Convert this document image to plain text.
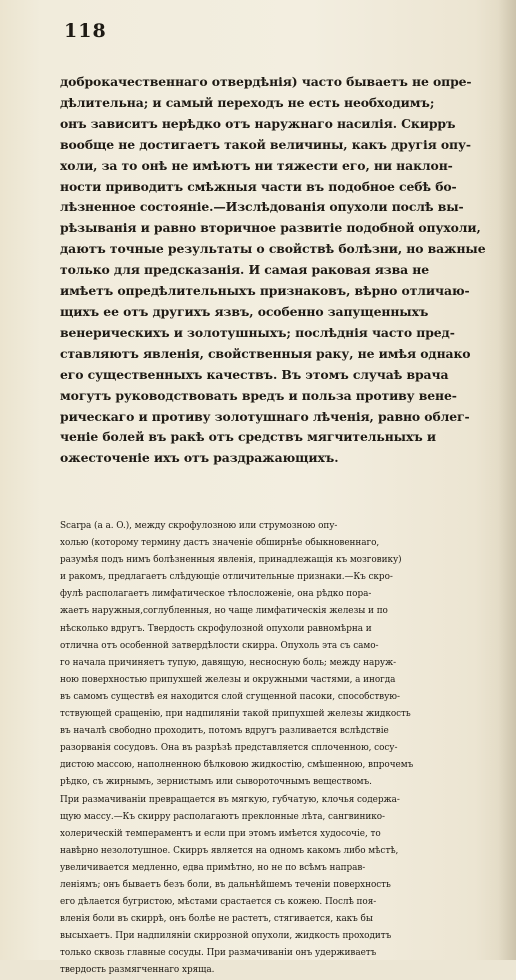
118
доброкачественнаго отвердѣнія) часто бываетъ не опре-
дѣлительна; и самый переходъ не есть необходимъ;
онъ зависитъ нерѣдко отъ наружнаго насилія. Скирръ
вообще не достигаетъ такой величины, какъ другія опу-
холи, за то онѣ не имѣютъ ни тяжести его, ни наклон-
ности приводитъ смѣжныя части въ подобное себѣ бо-
лѣзненное состояніе.—Изслѣдованія опухоли послѣ вы-
рѣзыванія и равно вторичное развитіе подобной опухоли,
даютъ точные результаты о свойствѣ болѣзни, но важные
только для предсказанія. И самая раковая язва не
имѣетъ опредѣлительныхъ признаковъ, вѣрно отличаю-
щихъ ее отъ другихъ язвъ, особенно запущенныхъ
венерическихъ и золотушныхъ; послѣднія часто пред-
ставляютъ явленія, свойственныя раку, не имѣя однако
его существенныхъ качествъ. Въ этомъ случаѣ врача
могутъ руководствовать вредъ и польза противу вене-
рическаго и противу золотушнаго лѣченія, равно облег-
ченіе болей въ ракѣ отъ средствъ мягчительныхъ и
ожесточеніе ихъ отъ раздражающихъ.
Scarpa (a a. O.), между скрофулозною или струмозною опу-
холью (которому термину дастъ значеніе обширнѣе обыкновеннаго,
разумѣя подъ нимъ болѣзненныя явленія, принадлежащія къ мозговику)
и ракомъ, предлагаетъ слѣдующіе отличительные признаки.—Къ скро-
фулѣ располагаетъ лимфатическое тѣлосложеніе, она рѣдко пора-
жаетъ наружныя,соглубленныя, но чаще лимфатическія железы и по
нѣсколько вдругъ. Твердость скрофулозной опухоли равномѣрна и
отлична отъ особенной затвердѣлости скирра. Опухоль эта съ само-
го начала причиняетъ тупую, давящую, несносную боль; между наруж-
ною поверхностью припухшей железы и окружными частями, а иногда
въ самомъ существѣ ея находится слой сгущенной пасоки, способствую-
тствующей сращенію, при надпиляніи такой припухшей железы жидкость
въ началѣ свободно проходитъ, потомъ вдругъ разливается вслѣдствіе
разорванія сосудовъ. Она въ разрѣзѣ представляется сплоченною, сосу-
дистою массою, наполненною бѣлковою жидкостію, смѣшенною, впрочемъ
рѣдко, съ жирнымъ, зернистымъ или сывороточнымъ веществомъ.
При размачиваніи превращается въ мягкую, губчатую, клочья содержа-
щую массу.—Къ скирру располагаютъ преклонные лѣта, сангвинико-
холерическій темпераментъ и если при этомъ имѣется худосочіе, то
навѣрно незолотушное. Скирръ является на одномъ какомъ либо мѣстѣ,
увеличивается медленно, едва примѣтно, но не по всѣмъ направ-
леніямъ; онъ бываетъ безъ боли, въ дальнѣйшемъ теченіи поверхность
его дѣлается бугристою, мѣстами срастается съ кожею. Послѣ поя-
вленія боли въ скиррѣ, онъ болѣе не растетъ, стягивается, какъ бы
высыхаетъ. При надпиляніи скиррозной опухоли, жидкость проходитъ
только сквозь главные сосуды. При размачиваніи онъ удерживаетъ
твердость размягченнаго хряща.
